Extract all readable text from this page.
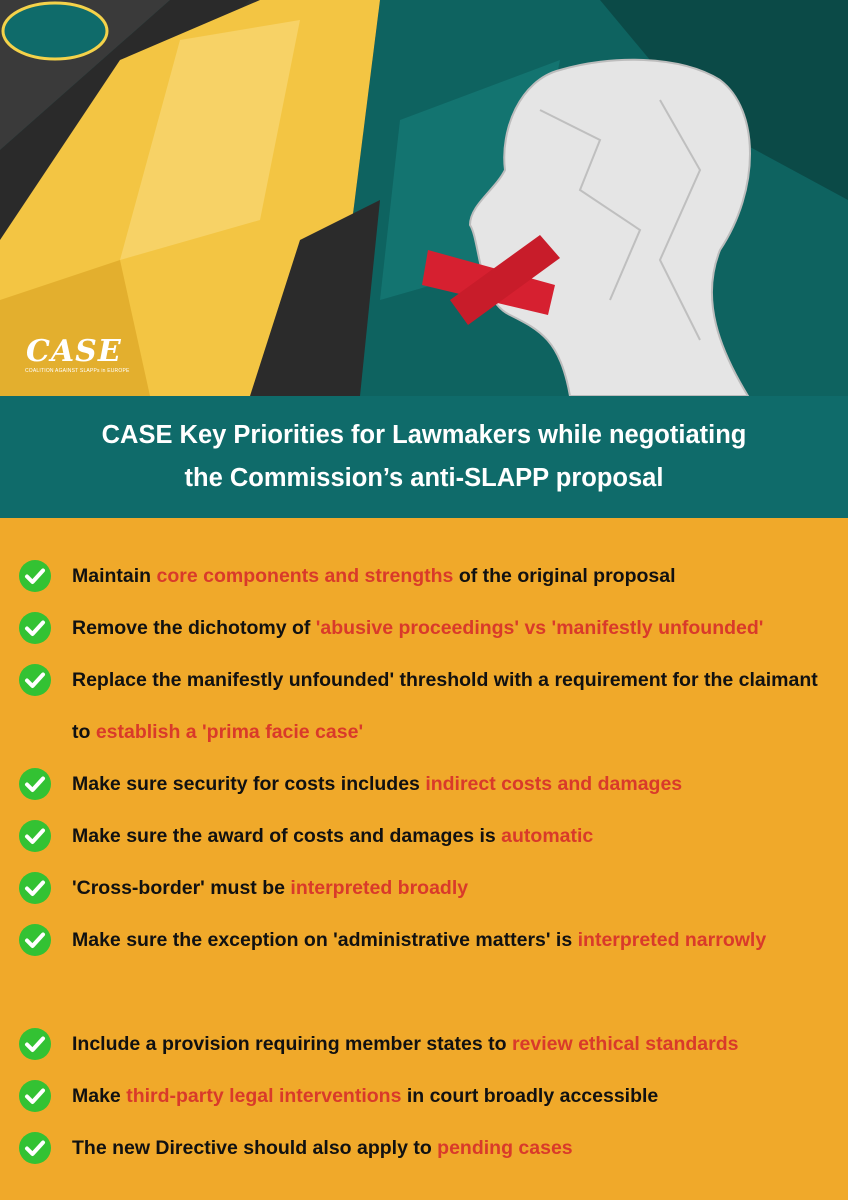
CASE
COALITION AGAINST SLAPPs in EUROPE
CASE Key Priorities for Lawmakers while negotiating
the Commission’s anti-SLAPP proposal
Maintain core components and strengths of the original proposal
Remove the dichotomy of 'abusive proceedings' vs 'manifestly unfounded'
Replace the manifestly unfounded' threshold with a requirement for the claimant to establish a 'prima facie case'
Make sure security for costs includes indirect costs and damages
Make sure the award of costs and damages is automatic
'Cross-border' must be interpreted broadly
Make sure the exception on 'administrative matters' is interpreted narrowly
Include a provision requiring member states to review ethical standards
Make third-party legal interventions in court broadly accessible
The new Directive should also apply to pending cases
